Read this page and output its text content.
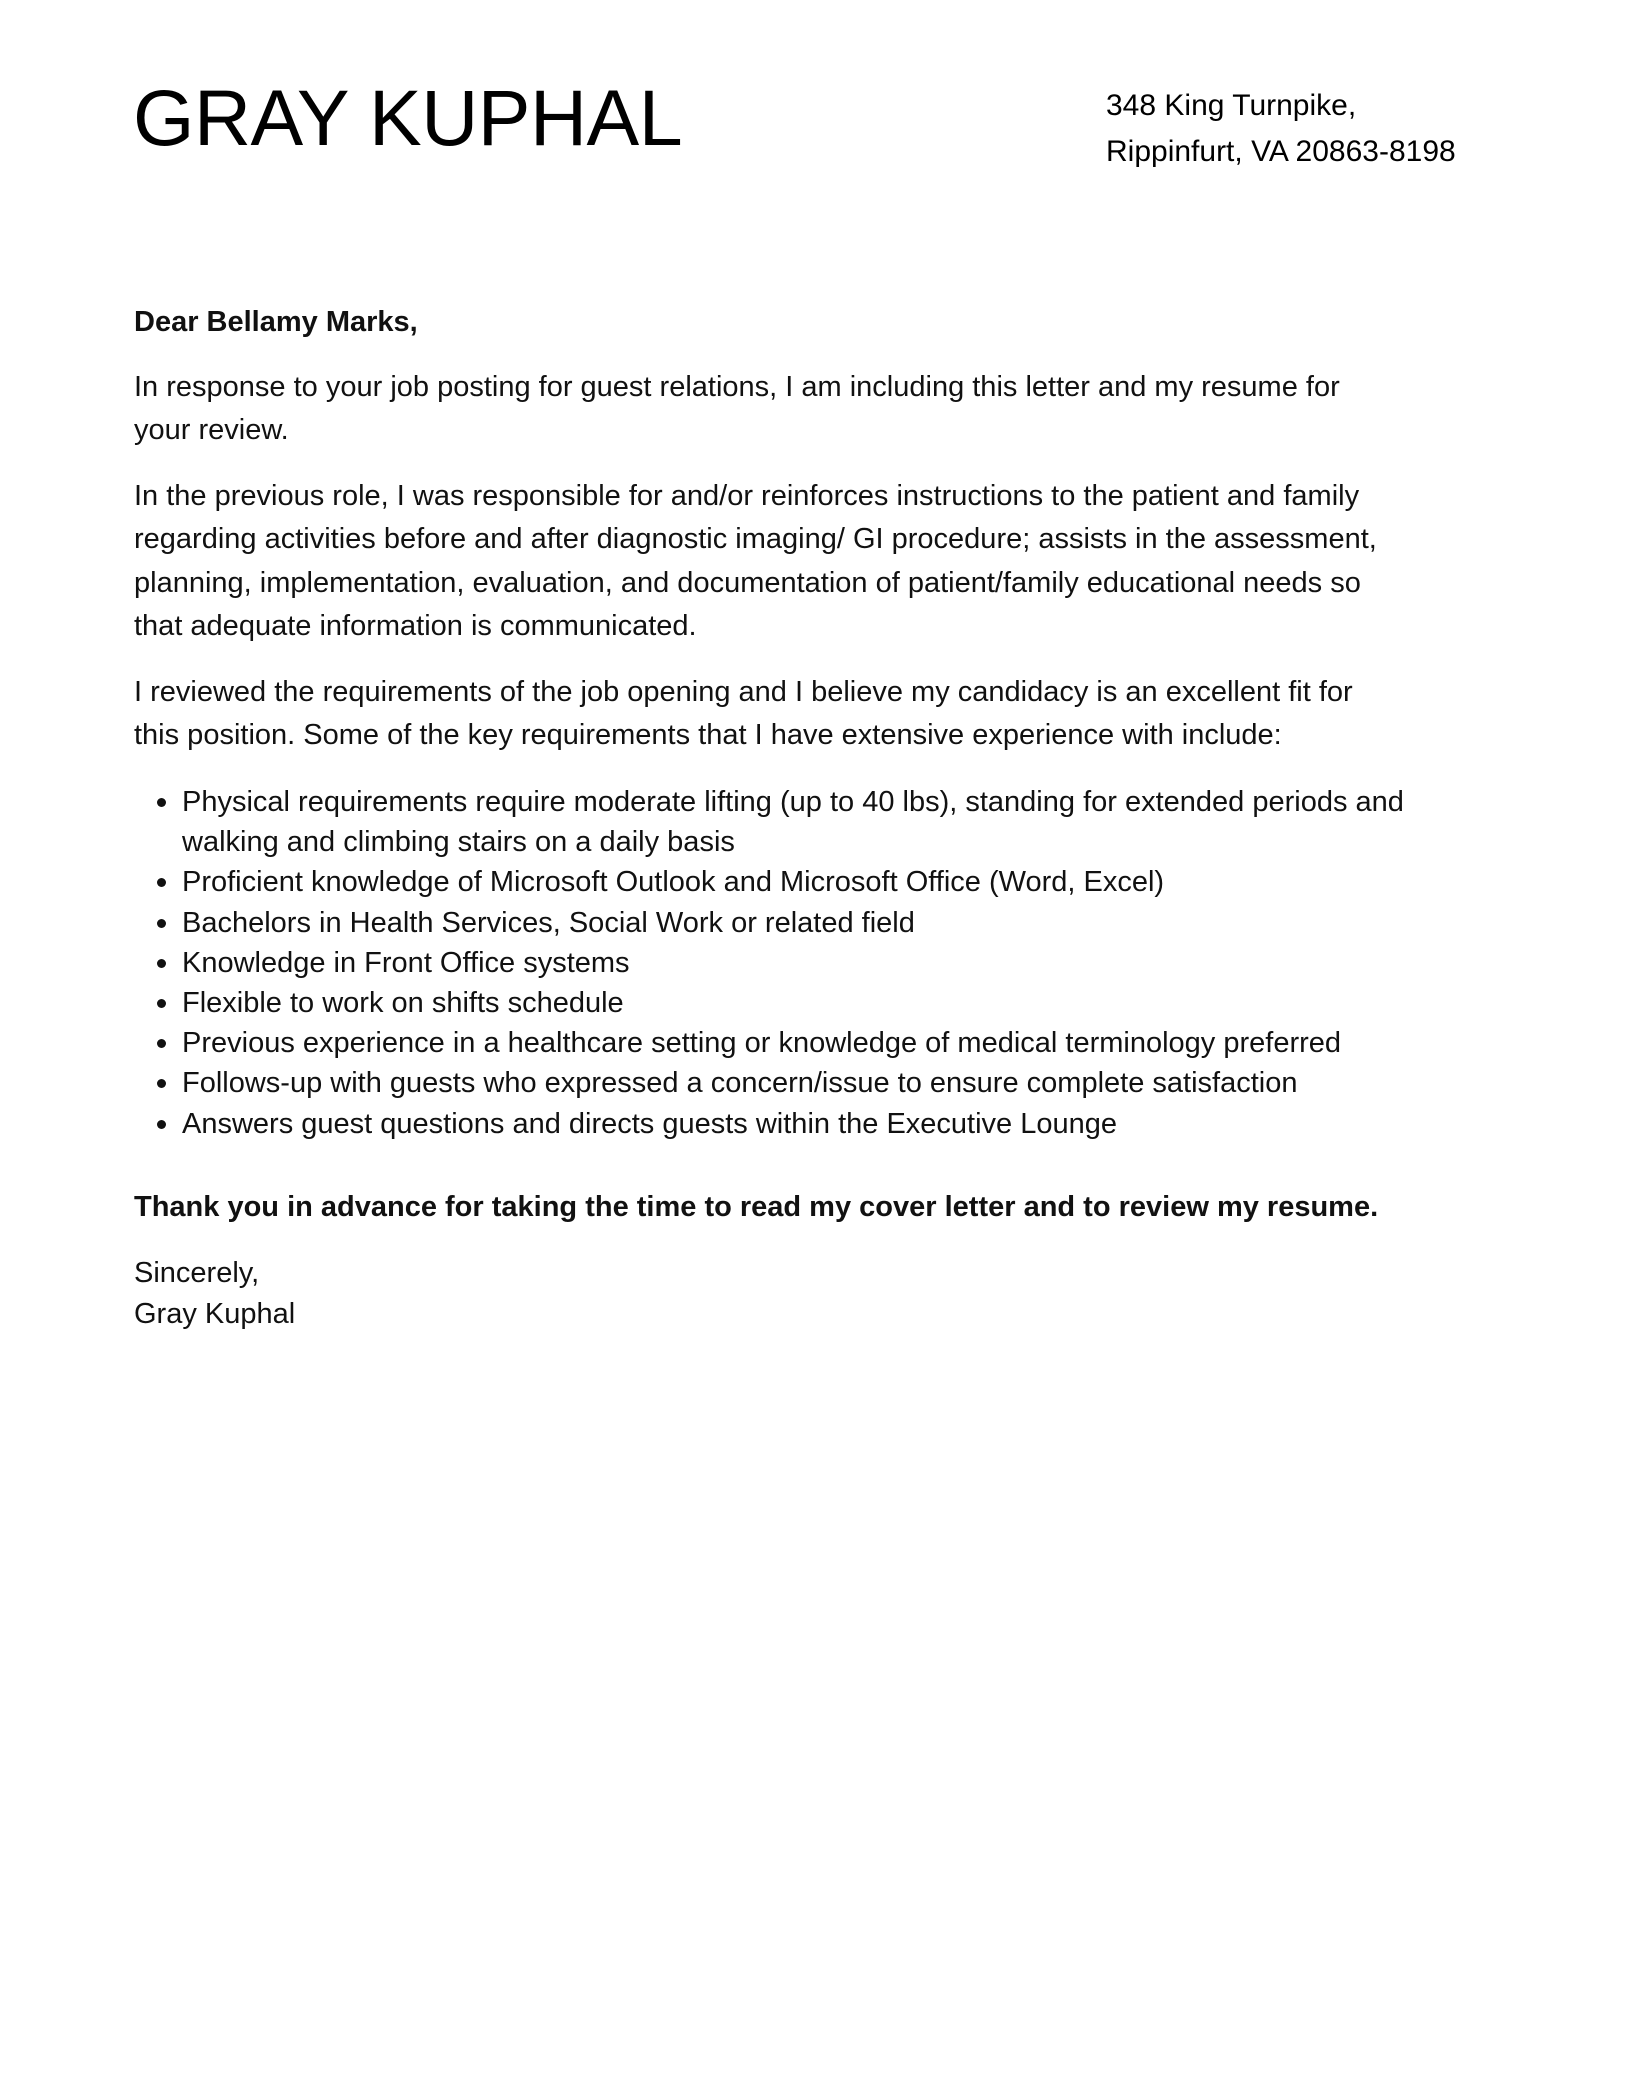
GRAY KUPHAL	348 King Turnpike,
Rippinfurt, VA 20863-8198
Dear Bellamy Marks,
In response to your job posting for guest relations, I am including this letter and my resume for
your review.
In the previous role, I was responsible for and/or reinforces instructions to the patient and family
regarding activities before and after diagnostic imaging/ GI procedure; assists in the assessment,
planning, implementation, evaluation, and documentation of patient/family educational needs so
that adequate information is communicated.
I reviewed the requirements of the job opening and I believe my candidacy is an excellent fit for
this position. Some of the key requirements that I have extensive experience with include:
Physical requirements require moderate lifting (up to 40 lbs), standing for extended periods and
walking and climbing stairs on a daily basis
Proficient knowledge of Microsoft Outlook and Microsoft Office (Word, Excel)
Bachelors in Health Services, Social Work or related field
Knowledge in Front Office systems
Flexible to work on shifts schedule
Previous experience in a healthcare setting or knowledge of medical terminology preferred
Follows-up with guests who expressed a concern/issue to ensure complete satisfaction
Answers guest questions and directs guests within the Executive Lounge
Thank you in advance for taking the time to read my cover letter and to review my resume.
Sincerely,
Gray Kuphal
